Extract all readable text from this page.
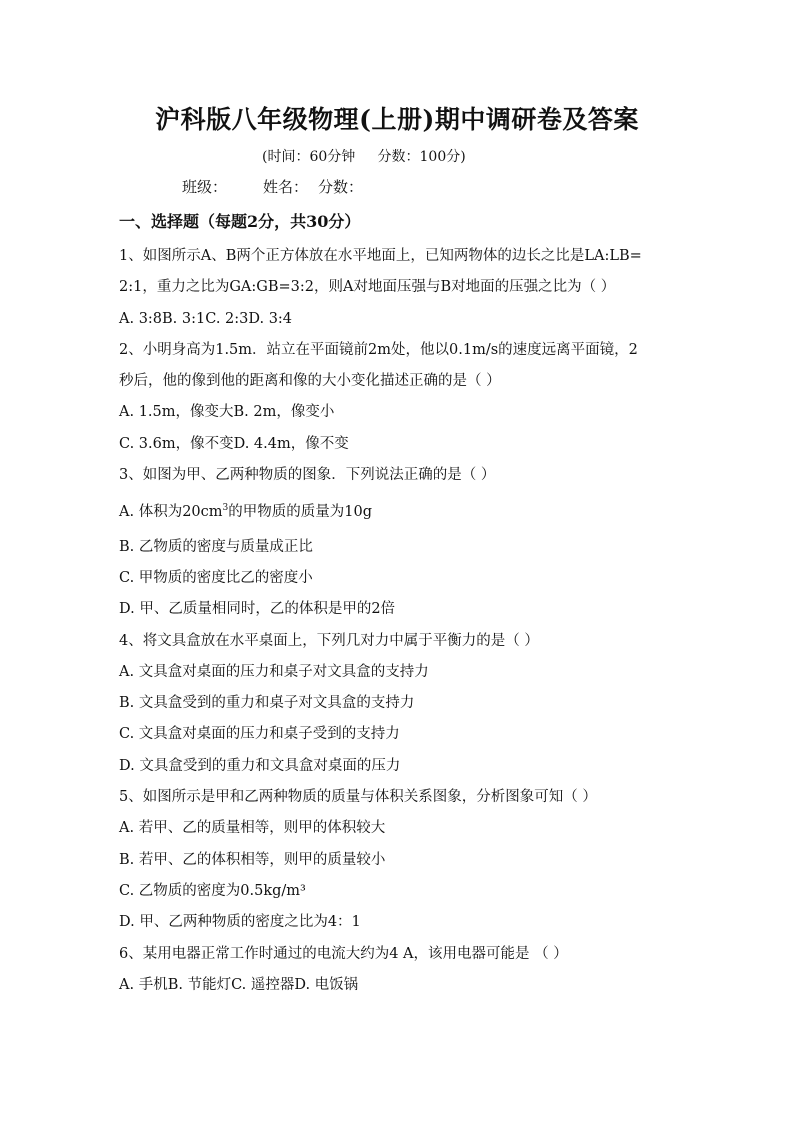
沪科版八年级物理(上册)期中调研卷及答案
(时间：60分钟     分数：100分)
班级： 姓名： 分数：
一、选择题（每题2分，共30分）
1、如图所示A、B两个正方体放在水平地面上，已知两物体的边长之比是LA:LB=
2:1，重力之比为GA:GB=3:2，则A对地面压强与B对地面的压强之比为（ ）
A. 3:8B. 3:1C. 2:3D. 3:4
2、小明身高为1.5m．站立在平面镜前2m处，他以0.1m/s的速度远离平面镜，2
秒后，他的像到他的距离和像的大小变化描述正确的是（ ）
A. 1.5m，像变大B. 2m，像变小
C. 3.6m，像不变D. 4.4m，像不变
3、如图为甲、乙两种物质的图象．下列说法正确的是（ ）
A. 体积为$20cm^3$的甲物质的质量为10g
B. 乙物质的密度与质量成正比
C. 甲物质的密度比乙的密度小
D. 甲、乙质量相同时，乙的体积是甲的2倍
4、将文具盒放在水平桌面上，下列几对力中属于平衡力的是（ ）
A. 文具盒对桌面的压力和桌子对文具盒的支持力
B. 文具盒受到的重力和桌子对文具盒的支持力
C. 文具盒对桌面的压力和桌子受到的支持力
D. 文具盒受到的重力和文具盒对桌面的压力
5、如图所示是甲和乙两种物质的质量与体积关系图象，分析图象可知（ ）
A. 若甲、乙的质量相等，则甲的体积较大
B. 若甲、乙的体积相等，则甲的质量较小
C. 乙物质的密度为0.5kg/m³
D. 甲、乙两种物质的密度之比为4：1
6、某用电器正常工作时通过的电流大约为4 A，该用电器可能是 （ ）
A. 手机B. 节能灯C. 遥控器D. 电饭锅
